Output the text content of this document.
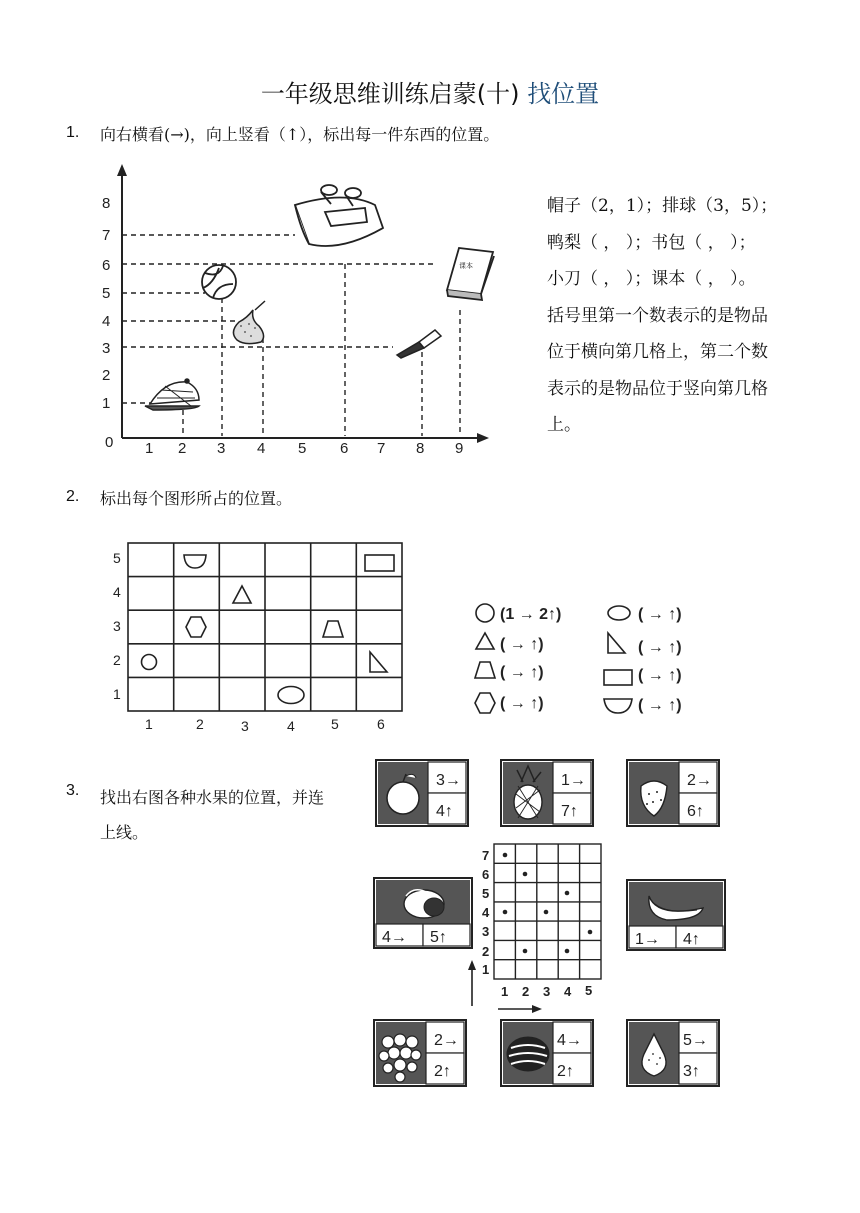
一年级思维训练启蒙(十) 找位置
1. 向右横看(→)，向上竖看（↑），标出每一件东西的位置。
0 1 2 3 4 5 6 7 8 9
1
2
3
4
5
6
7
8
课本
帽子（2，1）；排球（3，5）；
鸭梨（ ， ）；书包（ ， ）；
小刀（ ， ）；课本（ ， ）。
括号里第一个数表示的是物品
位于横向第几格上，第二个数
表示的是物品位于竖向第几格
上。
2. 标出每个图形所占的位置。
5
4
3
2
1
1	2	3	4	5	6
(1 → 2↑)	( → ↑)
( → ↑)	( → ↑)
( → ↑)	( → ↑)
( → ↑)	( → ↑)
3. 找出右图各种水果的位置，并连
上线。
3→
4↑
1→
7↑
2→
6↑
4→ 5↑	1→ 4↑
2→
2↑
4→
2↑
5→
3↑
7
6
5
4
3
2
1
1 2 3 4 5
